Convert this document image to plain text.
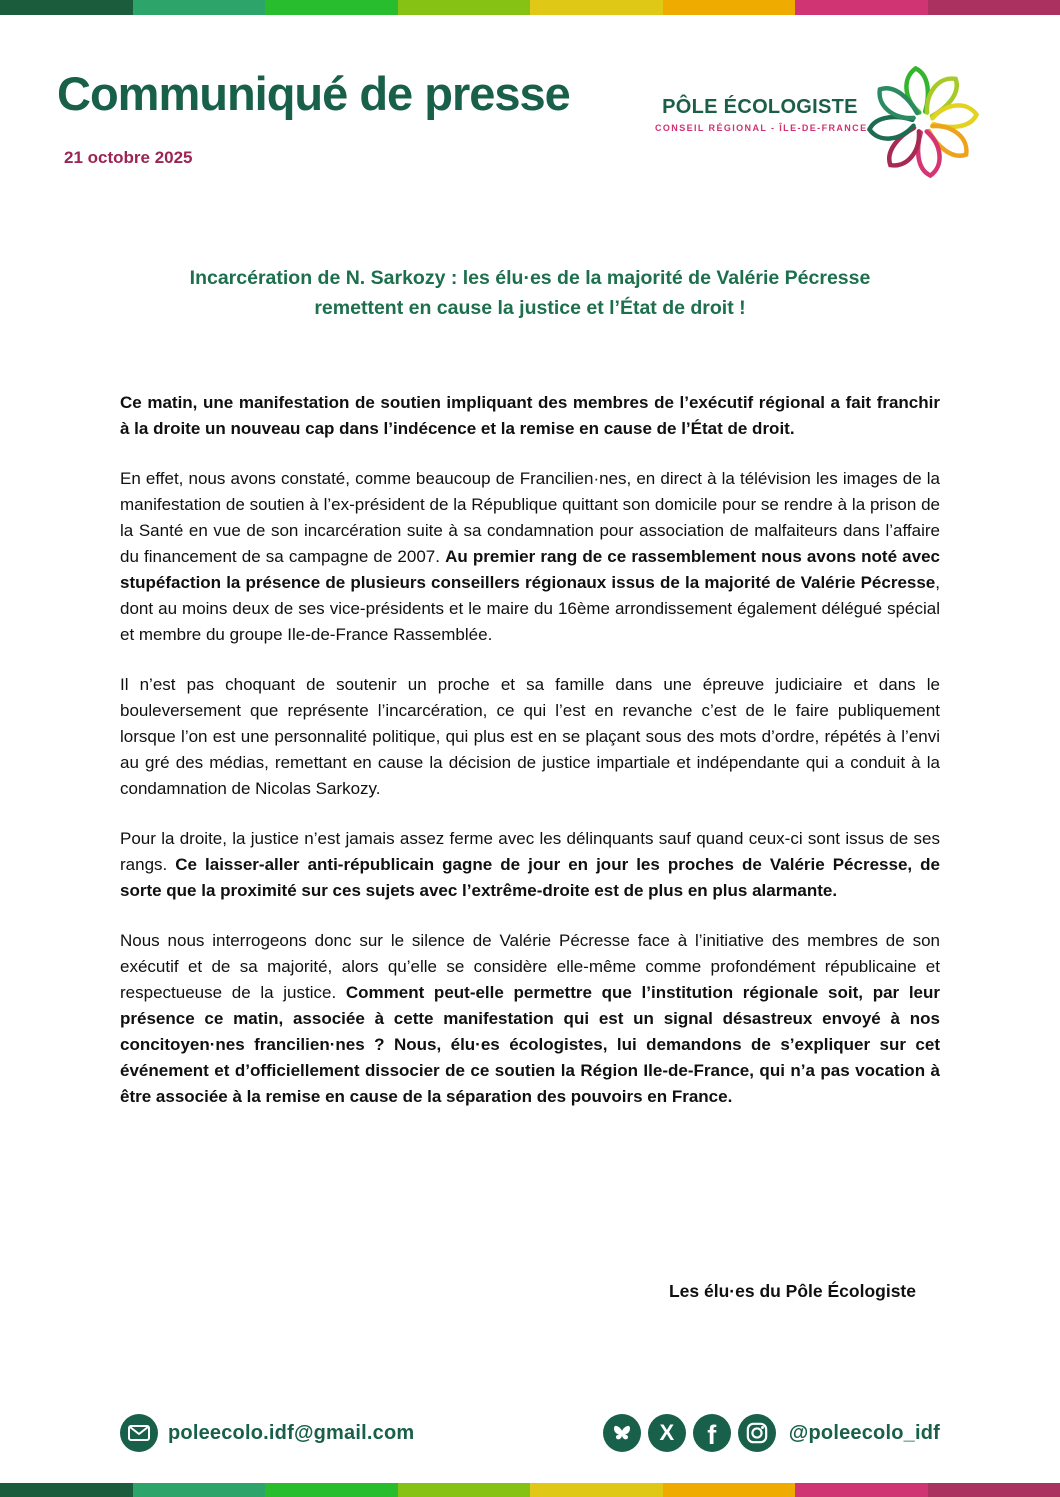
Communiqué de presse
21 octobre 2025
PÔLE ÉCOLOGISTE
CONSEIL RÉGIONAL - ÎLE-DE-FRANCE
Incarcération de N. Sarkozy : les élu·es de la majorité de Valérie Pécresse remettent en cause la justice et l’État de droit !

Ce matin, une manifestation de soutien impliquant des membres de l’exécutif régional a fait franchir à la droite un nouveau cap dans l’indécence et la remise en cause de l’État de droit.

En effet, nous avons constaté, comme beaucoup de Francilien·nes, en direct à la télévision les images de la manifestation de soutien à l’ex-président de la République quittant son domicile pour se rendre à la prison de la Santé en vue de son incarcération suite à sa condamnation pour association de malfaiteurs dans l’affaire du financement de sa campagne de 2007. Au premier rang de ce rassemblement nous avons noté avec stupéfaction la présence de plusieurs conseillers régionaux issus de la majorité de Valérie Pécresse, dont au moins deux de ses vice-présidents et le maire du 16ème arrondissement également délégué spécial et membre du groupe Ile-de-France Rassemblée.

Il n’est pas choquant de soutenir un proche et sa famille dans une épreuve judiciaire et dans le bouleversement que représente l’incarcération, ce qui l’est en revanche c’est de le faire publiquement lorsque l’on est une personnalité politique, qui plus est en se plaçant sous des mots d’ordre, répétés à l’envi au gré des médias, remettant en cause la décision de justice impartiale et indépendante qui a conduit à la condamnation de Nicolas Sarkozy.

Pour la droite, la justice n’est jamais assez ferme avec les délinquants sauf quand ceux-ci sont issus de ses rangs. Ce laisser-aller anti-républicain gagne de jour en jour les proches de Valérie Pécresse, de sorte que la proximité sur ces sujets avec l’extrême-droite est de plus en plus alarmante.

Nous nous interrogeons donc sur le silence de Valérie Pécresse face à l’initiative des membres de son exécutif et de sa majorité, alors qu’elle se considère elle-même comme profondément républicaine et respectueuse de la justice. Comment peut-elle permettre que l’institution régionale soit, par leur présence ce matin, associée à cette manifestation qui est un signal désastreux envoyé à nos concitoyen·nes francilien·nes ? Nous, élu·es écologistes, lui demandons de s’expliquer sur cet événement et d’officiellement dissocier de ce soutien la Région Ile-de-France, qui n’a pas vocation à être associée à la remise en cause de la séparation des pouvoirs en France.

Les élu·es du Pôle Écologiste
poleecolo.idf@gmail.com	X f	@poleecolo_idf
